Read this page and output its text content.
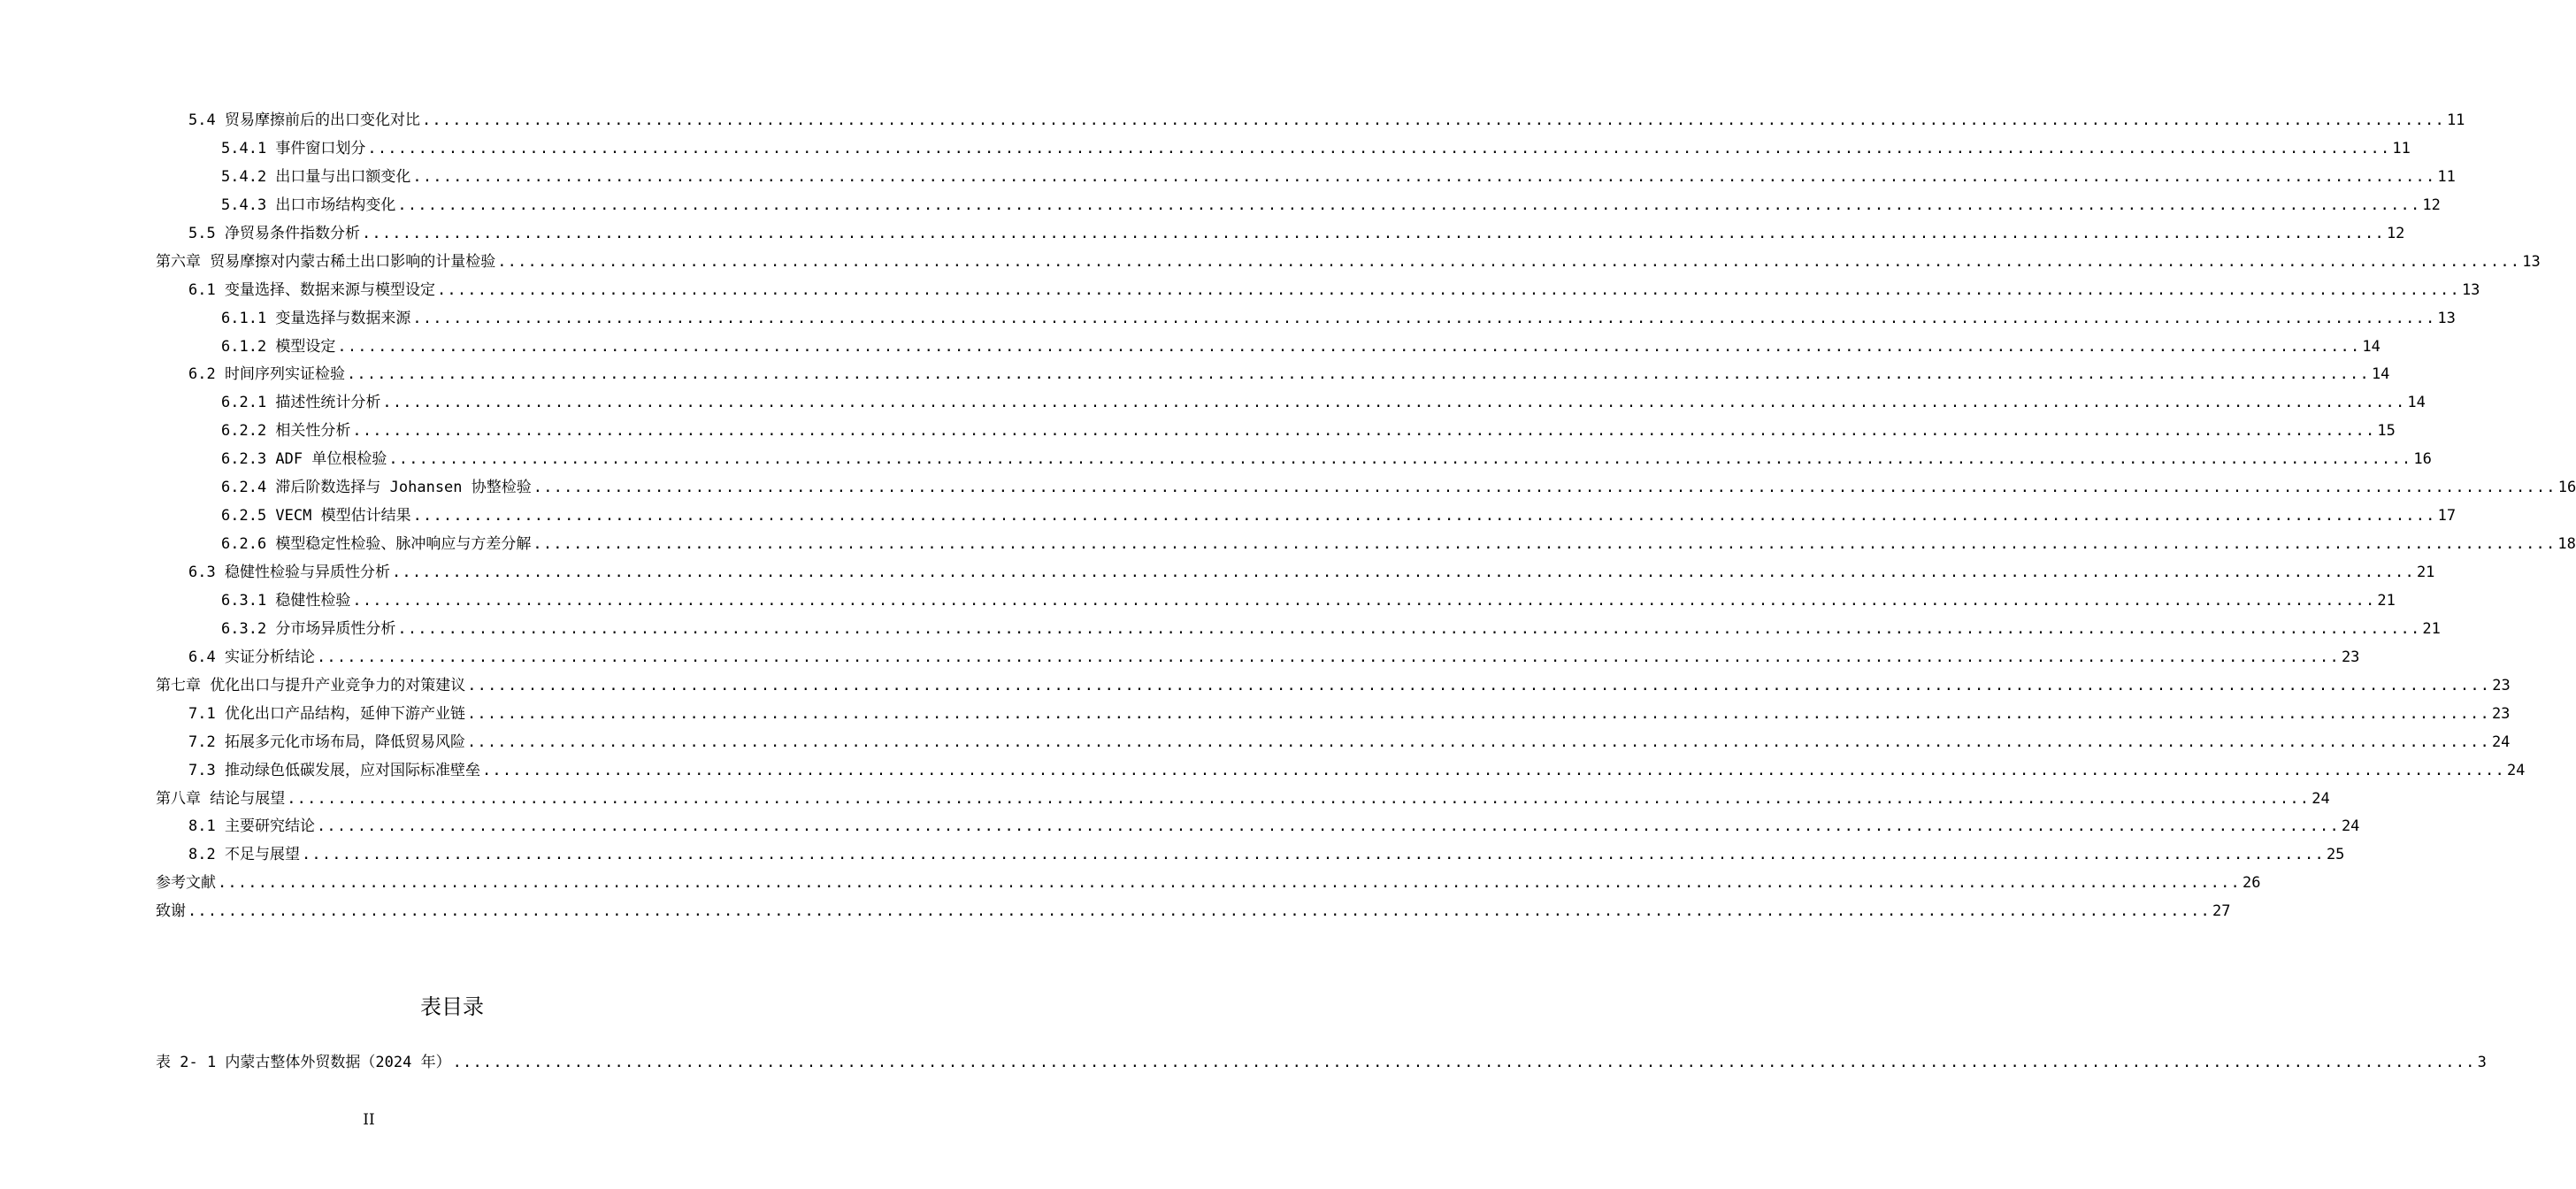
5.4 贸易摩擦前后的出口变化对比 ........................................................................................................................................................................................................ 11
5.4.1 事件窗口划分 ........................................................................................................................................................................................................ 11
5.4.2 出口量与出口额变化 ........................................................................................................................................................................................................ 11
5.4.3 出口市场结构变化 ........................................................................................................................................................................................................ 12
5.5 净贸易条件指数分析 ........................................................................................................................................................................................................ 12
第六章 贸易摩擦对内蒙古稀土出口影响的计量检验 ........................................................................................................................................................................................................ 13
6.1 变量选择、数据来源与模型设定 ........................................................................................................................................................................................................ 13
6.1.1 变量选择与数据来源 ........................................................................................................................................................................................................ 13
6.1.2 模型设定 ........................................................................................................................................................................................................ 14
6.2 时间序列实证检验 ........................................................................................................................................................................................................ 14
6.2.1 描述性统计分析 ........................................................................................................................................................................................................ 14
6.2.2 相关性分析 ........................................................................................................................................................................................................ 15
6.2.3 ADF 单位根检验 ........................................................................................................................................................................................................ 16
6.2.4 滞后阶数选择与 Johansen 协整检验 ........................................................................................................................................................................................................ 16
6.2.5 VECM 模型估计结果 ........................................................................................................................................................................................................ 17
6.2.6 模型稳定性检验、脉冲响应与方差分解 ........................................................................................................................................................................................................ 18
6.3 稳健性检验与异质性分析 ........................................................................................................................................................................................................ 21
6.3.1 稳健性检验 ........................................................................................................................................................................................................ 21
6.3.2 分市场异质性分析 ........................................................................................................................................................................................................ 21
6.4 实证分析结论 ........................................................................................................................................................................................................ 23
第七章 优化出口与提升产业竞争力的对策建议 ........................................................................................................................................................................................................ 23
7.1 优化出口产品结构，延伸下游产业链 ........................................................................................................................................................................................................ 23
7.2 拓展多元化市场布局，降低贸易风险 ........................................................................................................................................................................................................ 24
7.3 推动绿色低碳发展，应对国际标准壁垒 ........................................................................................................................................................................................................ 24
第八章 结论与展望 ........................................................................................................................................................................................................ 24
8.1 主要研究结论 ........................................................................................................................................................................................................ 24
8.2 不足与展望 ........................................................................................................................................................................................................ 25
参考文献 ........................................................................................................................................................................................................ 26
致谢 ........................................................................................................................................................................................................ 27
表目录
表 2- 1 内蒙古整体外贸数据（2024 年） ........................................................................................................................................................................................................ 3
II
